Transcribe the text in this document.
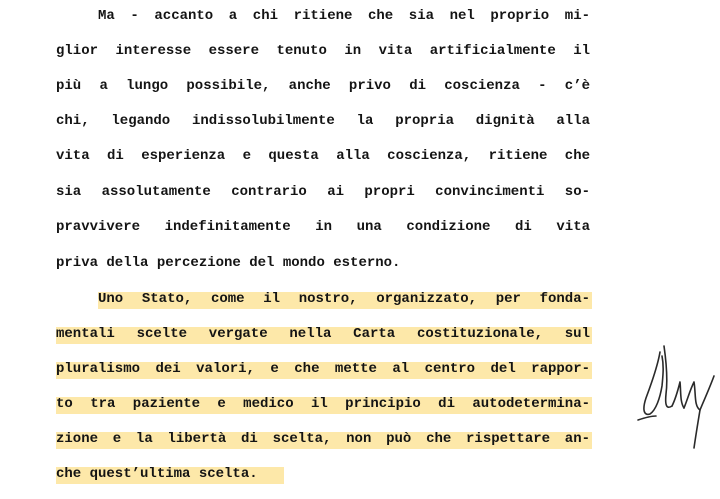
Ma - accanto a chi ritiene che sia nel proprio mi-

glior interesse essere tenuto in vita artificialmente il

più a lungo possibile, anche privo di coscienza - c’è

chi, legando indissolubilmente la propria dignità alla

vita di esperienza e questa alla coscienza, ritiene che

sia assolutamente contrario ai propri convincimenti so-

pravvivere indefinitamente in una condizione di vita

priva della percezione del mondo esterno.

Uno Stato, come il nostro, organizzato, per fonda-

mentali scelte vergate nella Carta costituzionale, sul

pluralismo dei valori, e che mette al centro del rappor-

to tra paziente e medico il principio di autodetermina-

zione e la libertà di scelta, non può che rispettare an-

che quest’ultima scelta.
